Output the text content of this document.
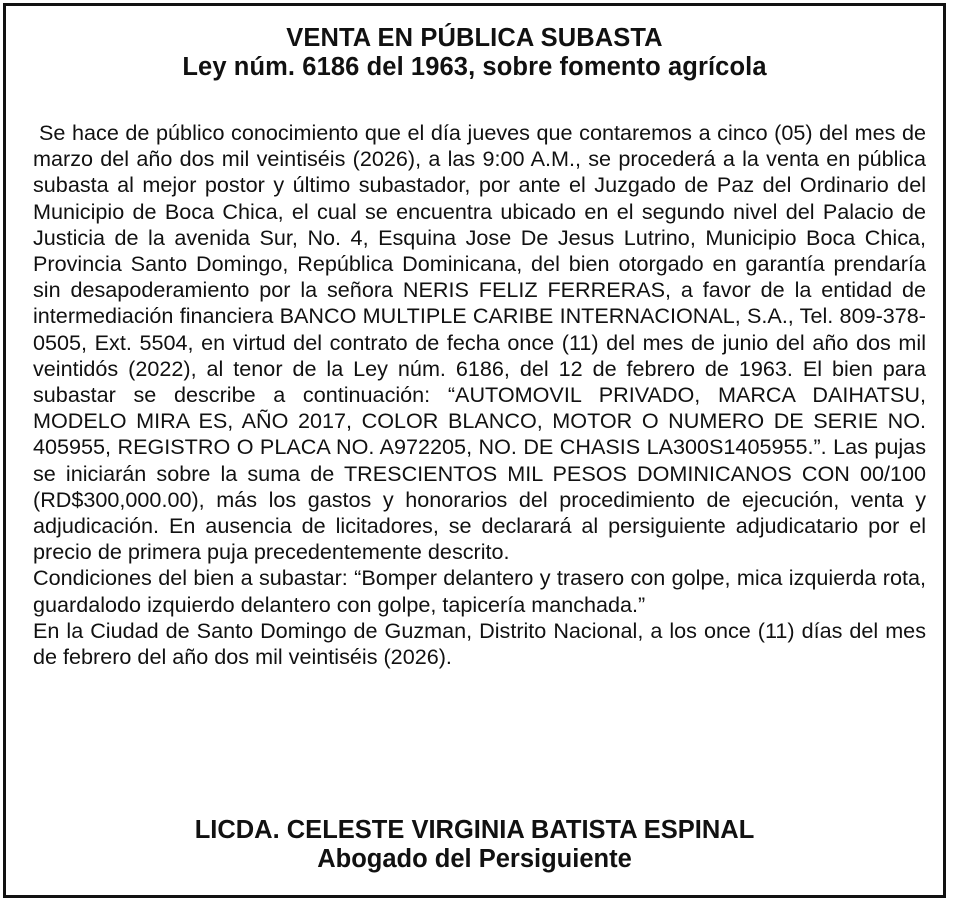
VENTA EN PÚBLICA SUBASTA
Ley núm. 6186 del 1963, sobre fomento agrícola

Se hace de público conocimiento que el día jueves que contaremos a cinco (05) del mes de marzo del año dos mil veintiséis (2026), a las 9:00 A.M., se procederá a la venta en pública subasta al mejor postor y último subastador, por ante el Juzgado de Paz del Ordinario del Municipio de Boca Chica, el cual se encuentra ubicado en el segundo nivel del Palacio de Justicia de la avenida Sur, No. 4, Esquina Jose De Jesus Lutrino, Municipio Boca Chica, Provincia Santo Domingo, República Dominicana, del bien otorgado en garantía prendaría sin desapoderamiento por la señora NERIS FELIZ FERRERAS, a favor de la entidad de intermediación financiera BANCO MULTIPLE CARIBE INTERNACIONAL, S.A., Tel. 809-378-0505, Ext. 5504, en virtud del contrato de fecha once (11) del mes de junio del año dos mil veintidós (2022), al tenor de la Ley núm. 6186, del 12 de febrero de 1963. El bien para subastar se describe a continuación: “AUTOMOVIL PRIVADO, MARCA DAIHATSU, MODELO MIRA ES, AÑO 2017, COLOR BLANCO, MOTOR O NUMERO DE SERIE NO. 405955, REGISTRO O PLACA NO. A972205, NO. DE CHASIS LA300S1405955.”. Las pujas se iniciarán sobre la suma de TRESCIENTOS MIL PESOS DOMINICANOS CON 00/100 (RD$300,000.00), más los gastos y honorarios del procedimiento de ejecución, venta y adjudicación. En ausencia de licitadores, se declarará al persiguiente adjudicatario por el precio de primera puja precedentemente descrito.

Condiciones del bien a subastar: “Bomper delantero y trasero con golpe, mica izquierda rota, guardalodo izquierdo delantero con golpe, tapicería manchada.”

En la Ciudad de Santo Domingo de Guzman, Distrito Nacional, a los once (11) días del mes de febrero del año dos mil veintiséis (2026).

LICDA. CELESTE VIRGINIA BATISTA ESPINAL
Abogado del Persiguiente
